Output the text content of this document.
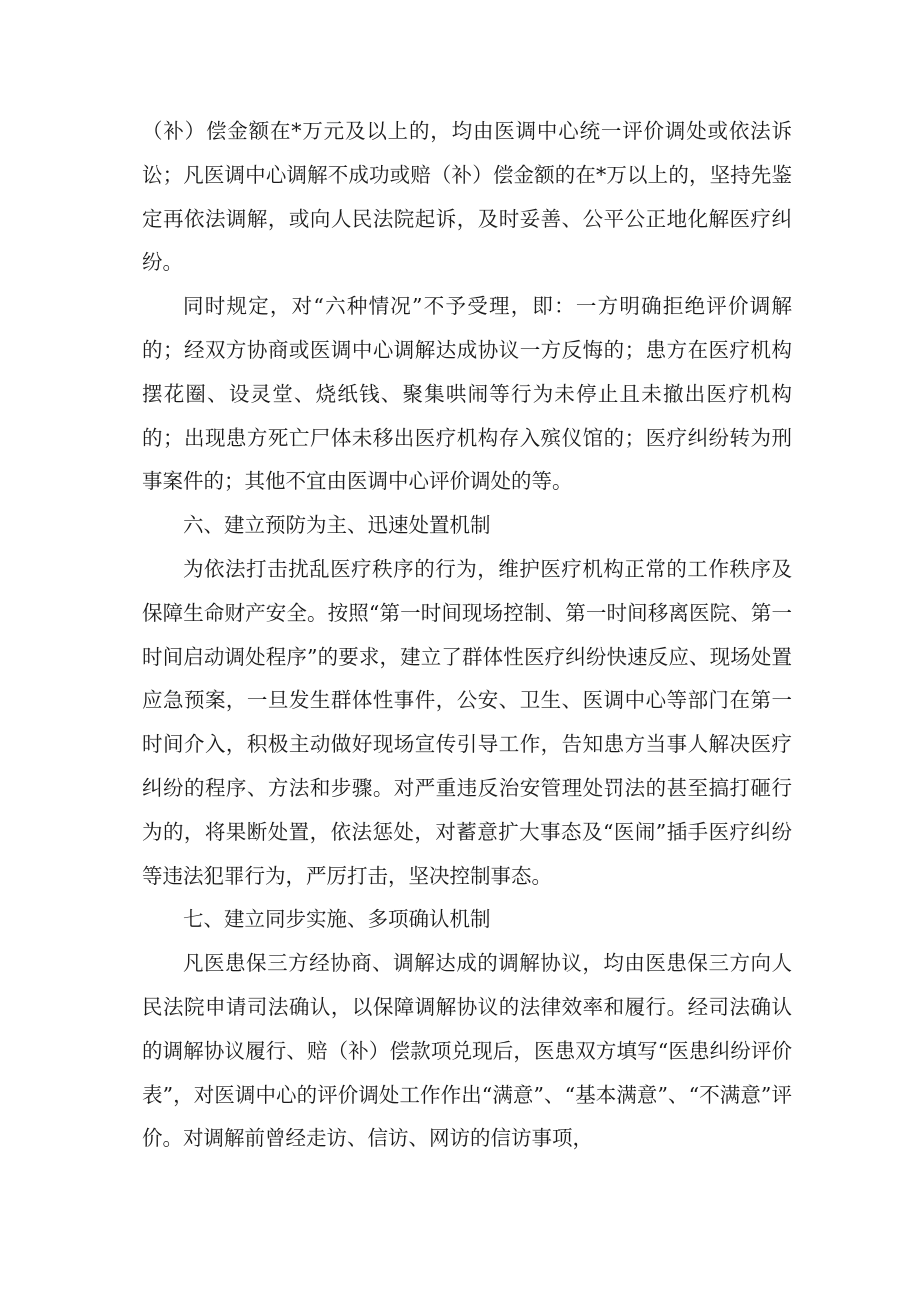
（补）偿金额在*万元及以上的，均由医调中心统一评价调处或依法诉讼；凡医调中心调解不成功或赔（补）偿金额的在*万以上的，坚持先鉴定再依法调解，或向人民法院起诉，及时妥善、公平公正地化解医疗纠纷。

同时规定，对“六种情况”不予受理，即：一方明确拒绝评价调解的；经双方协商或医调中心调解达成协议一方反悔的；患方在医疗机构摆花圈、设灵堂、烧纸钱、聚集哄闹等行为未停止且未撤出医疗机构的；出现患方死亡尸体未移出医疗机构存入殡仪馆的；医疗纠纷转为刑事案件的；其他不宜由医调中心评价调处的等。

六、建立预防为主、迅速处置机制

为依法打击扰乱医疗秩序的行为，维护医疗机构正常的工作秩序及保障生命财产安全。按照“第一时间现场控制、第一时间移离医院、第一时间启动调处程序”的要求，建立了群体性医疗纠纷快速反应、现场处置应急预案，一旦发生群体性事件，公安、卫生、医调中心等部门在第一时间介入，积极主动做好现场宣传引导工作，告知患方当事人解决医疗纠纷的程序、方法和步骤。对严重违反治安管理处罚法的甚至搞打砸行为的，将果断处置，依法惩处，对蓄意扩大事态及“医闹”插手医疗纠纷等违法犯罪行为，严厉打击，坚决控制事态。

七、建立同步实施、多项确认机制

凡医患保三方经协商、调解达成的调解协议，均由医患保三方向人民法院申请司法确认，以保障调解协议的法律效率和履行。经司法确认的调解协议履行、赔（补）偿款项兑现后，医患双方填写“医患纠纷评价表”，对医调中心的评价调处工作作出“满意”、“基本满意”、“不满意”评价。对调解前曾经走访、信访、网访的信访事项，
